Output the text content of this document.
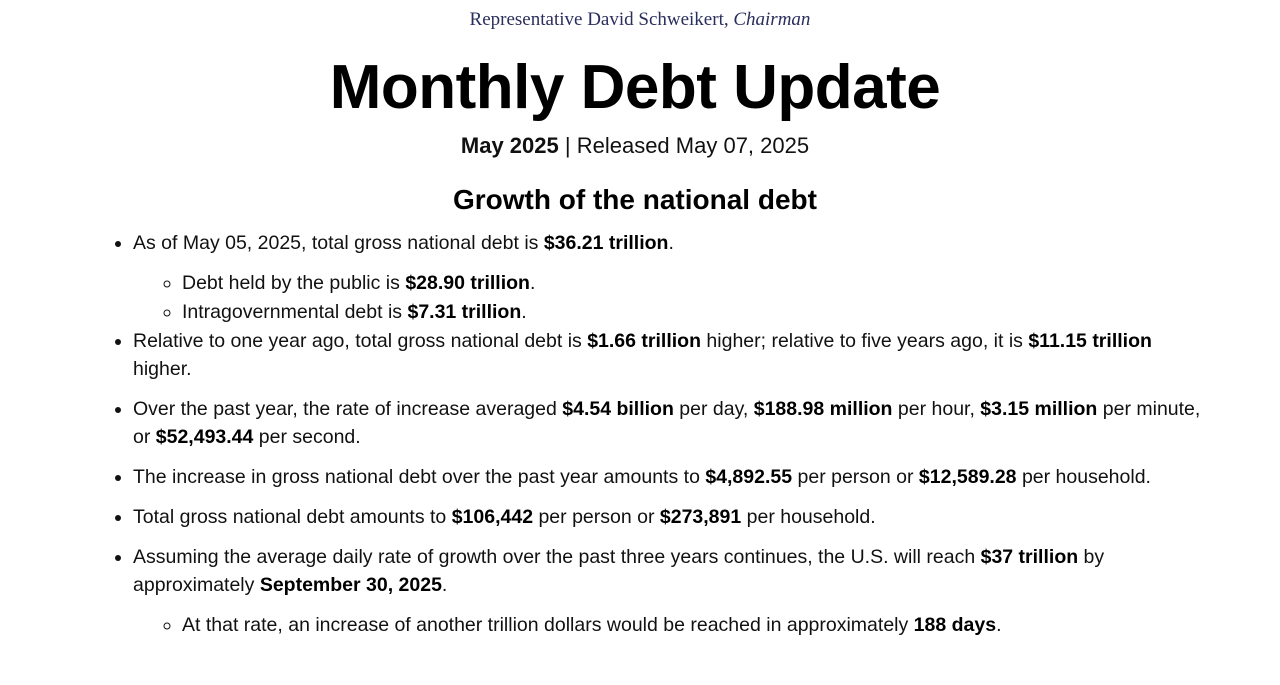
Representative David Schweikert, Chairman
Monthly Debt Update
May 2025 | Released May 07, 2025
Growth of the national debt
• As of May 05, 2025, total gross national debt is $36.21 trillion.
◦ Debt held by the public is $28.90 trillion.
◦ Intragovernmental debt is $7.31 trillion.
• Relative to one year ago, total gross national debt is $1.66 trillion higher; relative to five years ago, it is $11.15 trillion higher.
• Over the past year, the rate of increase averaged $4.54 billion per day, $188.98 million per hour, $3.15 million per minute, or $52,493.44 per second.
• The increase in gross national debt over the past year amounts to $4,892.55 per person or $12,589.28 per household.
• Total gross national debt amounts to $106,442 per person or $273,891 per household.
• Assuming the average daily rate of growth over the past three years continues, the U.S. will reach $37 trillion by approximately September 30, 2025.
◦ At that rate, an increase of another trillion dollars would be reached in approximately 188 days.
